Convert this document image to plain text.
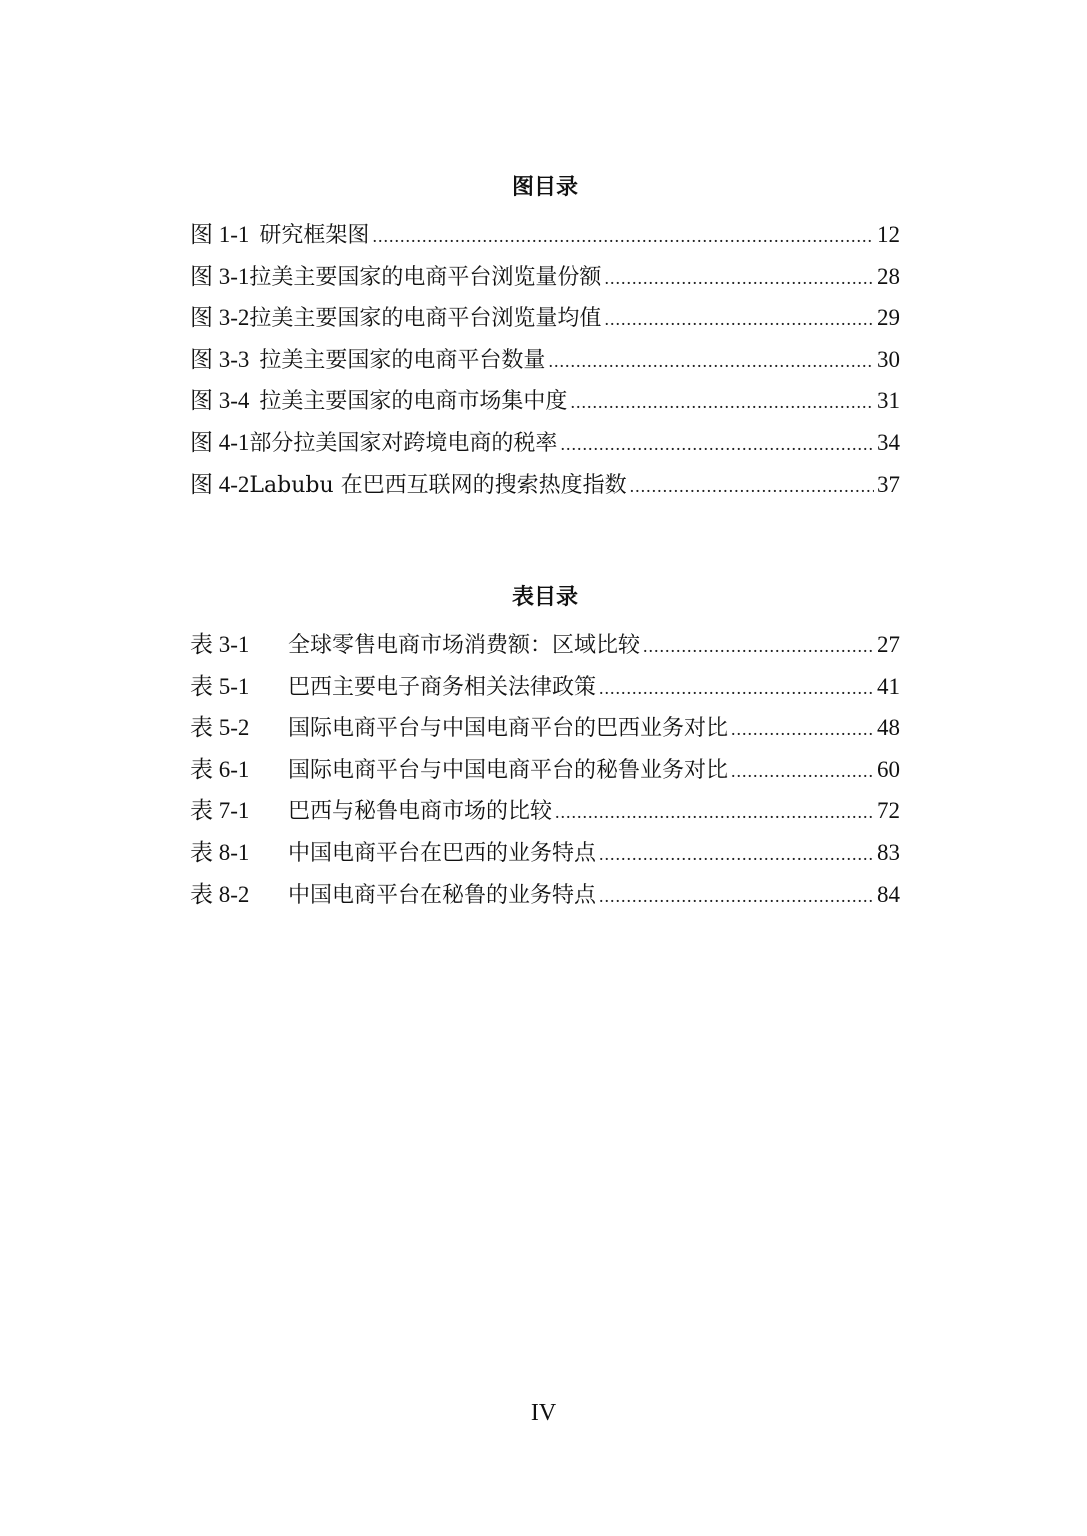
图目录
图 1-1 研究框架图 .....	12
图 3-1 拉美主要国家的电商平台浏览量份额 .....	28
图 3-2 拉美主要国家的电商平台浏览量均值 .....	29
图 3-3 拉美主要国家的电商平台数量 .....	30
图 3-4 拉美主要国家的电商市场集中度 .....	31
图 4-1 部分拉美国家对跨境电商的税率 .....	34
图 4-2 Labubu 在巴西互联网的搜索热度指数 .....	37
表目录
表 3-1	全球零售电商市场消费额：区域比较 .....	27
表 5-1	巴西主要电子商务相关法律政策 .....	41
表 5-2	国际电商平台与中国电商平台的巴西业务对比 .....	48
表 6-1	国际电商平台与中国电商平台的秘鲁业务对比 .....	60
表 7-1	巴西与秘鲁电商市场的比较 .....	72
表 8-1	中国电商平台在巴西的业务特点 .....	83
表 8-2	中国电商平台在秘鲁的业务特点 .....	84
IV
